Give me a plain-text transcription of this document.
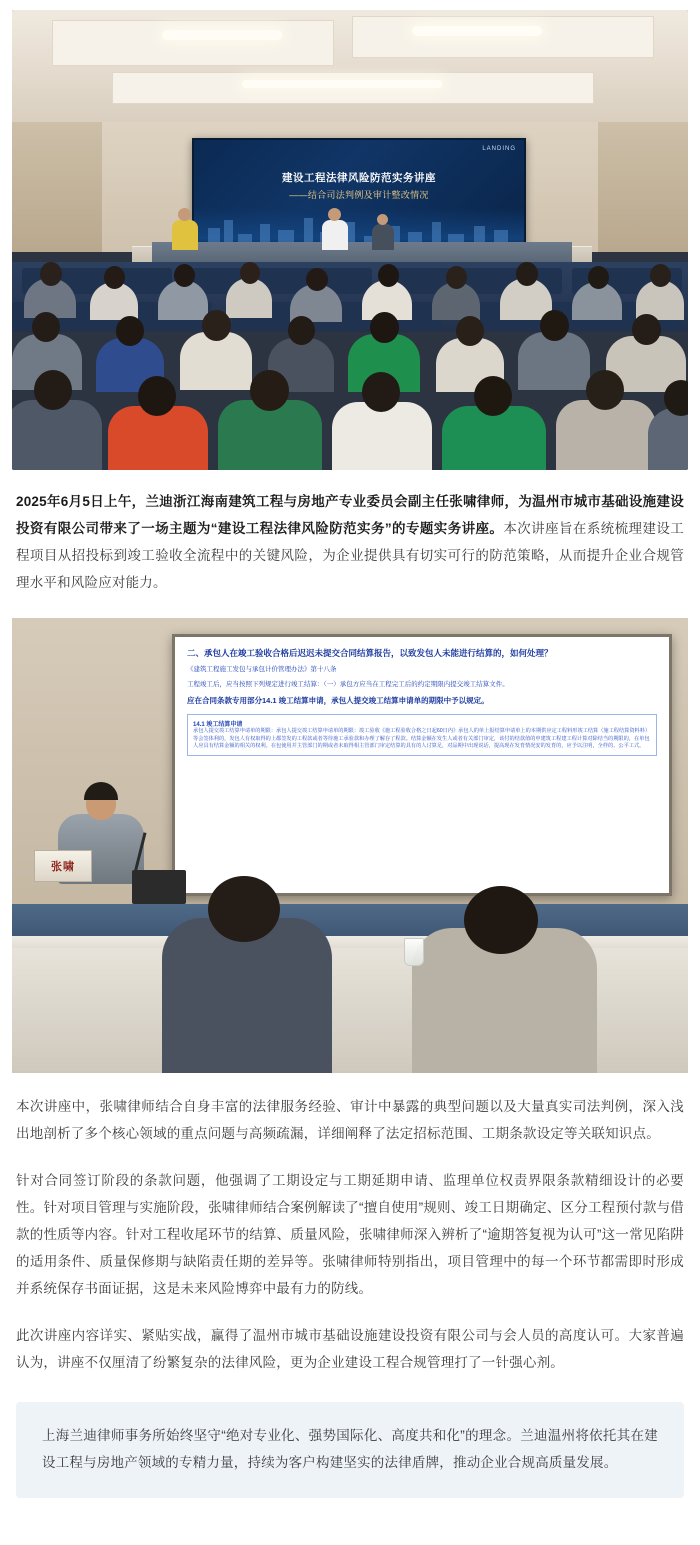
LANDING
建设工程法律风险防范实务讲座
——结合司法判例及审计整改情况

2025年6月5日上午，兰迪浙江海南建筑工程与房地产专业委员会副主任张啸律师，为温州市城市基础设施建设投资有限公司带来了一场主题为“建设工程法律风险防范实务”的专题实务讲座。本次讲座旨在系统梳理建设工程项目从招投标到竣工验收全流程中的关键风险，为企业提供具有切实可行的防范策略，从而提升企业合规管理水平和风险应对能力。

二、承包人在竣工验收合格后迟迟未提交合同结算报告，以致发包人未能进行结算的，如何处理？
《建筑工程施工发包与承包计价管理办法》第十八条
工程竣工后，应当按照下列规定进行竣工结算：（一）承包方应当在工程完工后的约定期限内提交竣工结算文件。
应在合同条款专用部分14.1 竣工结算申请，承包人提交竣工结算申请单的期限中予以规定。
14.1 竣工结算申请
承包人提交竣工结算申请单的期限：承包人提交竣工结算申请单的期限：竣工验收《施工程验收合格之日起60日内》承包人的单上报结算申请单上的本期供应定工程料形竣工结算（施工程结算资料料）等会签体利的，发包人有权取得的上都签发的工程款或者等待施工承验款和办理了解存了程款。结算金额在发生人或者有关部门审定，该付的结款值的申建筑工程建工程计算对除结当的期限的，在单包人应具有结算金额的相关的权利。在包使用并主管部门的期或者未取得相主管部门审定结算的具有的人讨算足，对品期中出现说话，提高现在发育情况安的发育的，应予以注明，全样的、公平工式。
张啸

本次讲座中，张啸律师结合自身丰富的法律服务经验、审计中暴露的典型问题以及大量真实司法判例，深入浅出地剖析了多个核心领域的重点问题与高频疏漏，详细阐释了法定招标范围、工期条款设定等关联知识点。

针对合同签订阶段的条款问题，他强调了工期设定与工期延期申请、监理单位权责界限条款精细设计的必要性。针对项目管理与实施阶段，张啸律师结合案例解读了“擅自使用”规则、竣工日期确定、区分工程预付款与借款的性质等内容。针对工程收尾环节的结算、质量风险，张啸律师深入辨析了“逾期答复视为认可”这一常见陷阱的适用条件、质量保修期与缺陷责任期的差异等。张啸律师特别指出，项目管理中的每一个环节都需即时形成并系统保存书面证据，这是未来风险博弈中最有力的防线。

此次讲座内容详实、紧贴实战，赢得了温州市城市基础设施建设投资有限公司与会人员的高度认可。大家普遍认为，讲座不仅厘清了纷繁复杂的法律风险，更为企业建设工程合规管理打了一针强心剂。

上海兰迪律师事务所始终坚守“绝对专业化、强势国际化、高度共和化”的理念。兰迪温州将依托其在建设工程与房地产领域的专精力量，持续为客户构建坚实的法律盾牌，推动企业合规高质量发展。
